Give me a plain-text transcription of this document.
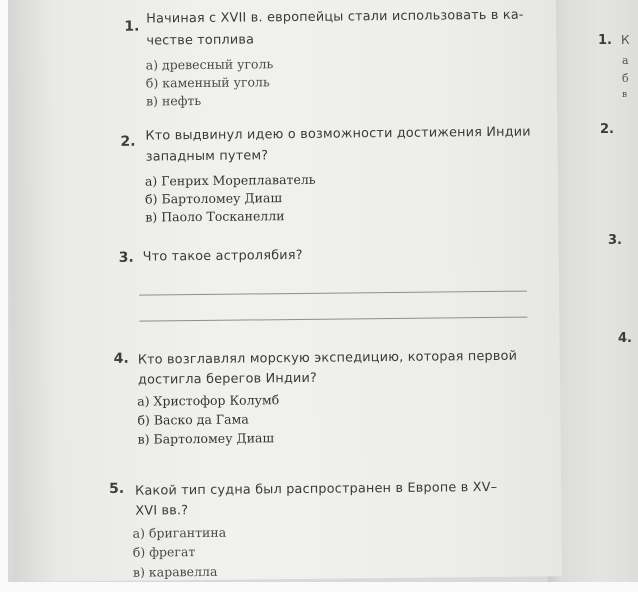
1. К
а
б
в
2.
3.
4.
1.
Начиная с XVII в. европейцы стали использовать в ка-
честве топлива
а) древесный уголь
б) каменный уголь
в) нефть
2. Кто выдвинул идею о возможности достижения Индии
западным путем?
а) Генрих Мореплаватель
б) Бартоломеу Диаш
в) Паоло Тосканелли
3. Что такое астролябия?
4. Кто возглавлял морскую экспедицию, которая первой
достигла берегов Индии?
а) Христофор Колумб
б) Васко да Гама
в) Бартоломеу Диаш
5. Какой тип судна был распространен в Европе в XV–
XVI вв.?
а) бригантина
б) фрегат
в) каравелла
